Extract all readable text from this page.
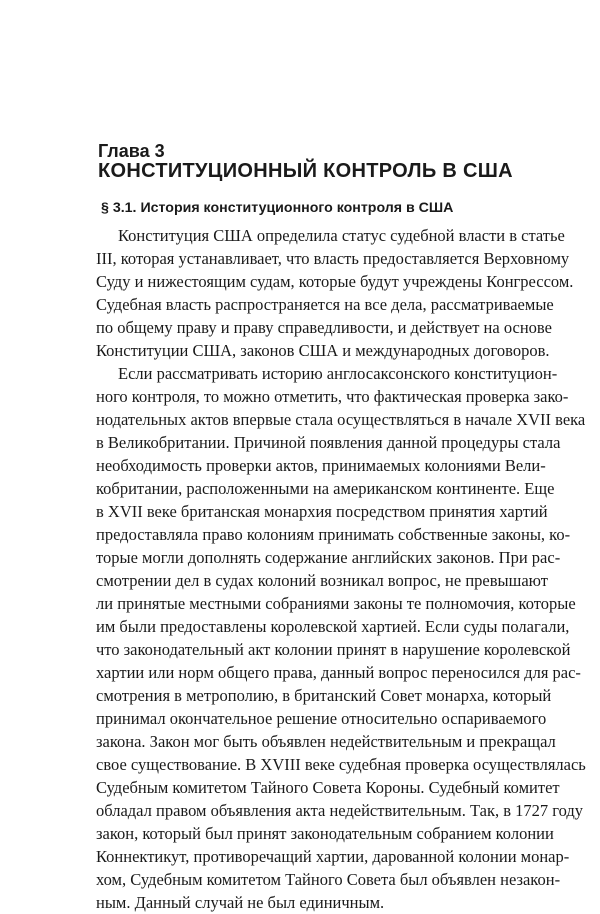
Глава 3
КОНСТИТУЦИОННЫЙ КОНТРОЛЬ В США
§ 3.1. История конституционного контроля в США
Конституция США определила статус судебной власти в статье
III, которая устанавливает, что власть предоставляется Верховному
Суду и нижестоящим судам, которые будут учреждены Конгрессом.
Судебная власть распространяется на все дела, рассматриваемые
по общему праву и праву справедливости, и действует на основе
Конституции США, законов США и международных договоров.
Если рассматривать историю англосаксонского конституцион-
ного контроля, то можно отметить, что фактическая проверка зако-
нодательных актов впервые стала осуществляться в начале XVII века
в Великобритании. Причиной появления данной процедуры стала
необходимость проверки актов, принимаемых колониями Вели-
кобритании, расположенными на американском континенте. Еще
в XVII веке британская монархия посредством принятия хартий
предоставляла право колониям принимать собственные законы, ко-
торые могли дополнять содержание английских законов. При рас-
смотрении дел в судах колоний возникал вопрос, не превышают
ли принятые местными собраниями законы те полномочия, которые
им были предоставлены королевской хартией. Если суды полагали,
что законодательный акт колонии принят в нарушение королевской
хартии или норм общего права, данный вопрос переносился для рас-
смотрения в метрополию, в британский Совет монарха, который
принимал окончательное решение относительно оспариваемого
закона. Закон мог быть объявлен недействительным и прекращал
свое существование. В XVIII веке судебная проверка осуществлялась
Судебным комитетом Тайного Совета Короны. Судебный комитет
обладал правом объявления акта недействительным. Так, в 1727 году
закон, который был принят законодательным собранием колонии
Коннектикут, противоречащий хартии, дарованной колонии монар-
хом, Судебным комитетом Тайного Совета был объявлен незакон-
ным. Данный случай не был единичным.
